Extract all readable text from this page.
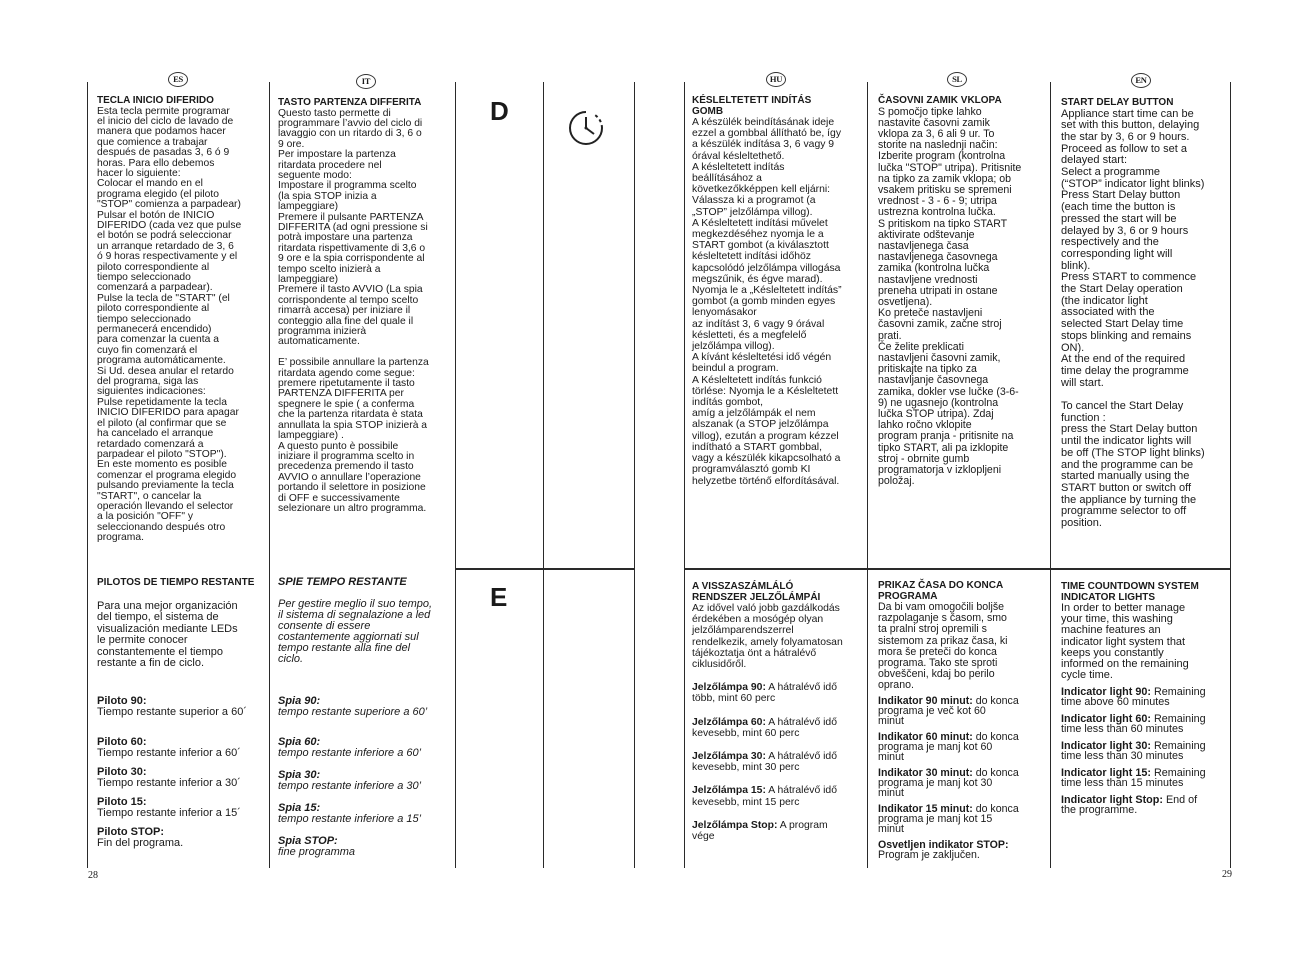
ES	IT
TECLA INICIO DIFERIDO
Esta tecla permite programar
el inicio del ciclo de lavado de
manera que podamos hacer
que comience a trabajar
después de pasadas 3, 6 ó 9
horas. Para ello debemos
hacer lo siguiente:
Colocar el mando en el
programa elegido (el piloto
"STOP" comienza a parpadear)
Pulsar el botón de INICIO
DIFERIDO (cada vez que pulse
el botón se podrá seleccionar
un arranque retardado de 3, 6
ó 9 horas respectivamente y el
piloto correspondiente al
tiempo seleccionado
comenzará a parpadear).
Pulse la tecla de "START" (el
piloto correspondiente al
tiempo seleccionado
permanecerá encendido)
para comenzar la cuenta a
cuyo fin comenzará el
programa automáticamente.
Si Ud. desea anular el retardo
del programa, siga las
siguientes indicaciones:
Pulse repetidamente la tecla
INICIO DIFERIDO para apagar
el piloto (al confirmar que se
ha cancelado el arranque
retardado comenzará a
parpadear el piloto "STOP").
En este momento es posible
comenzar el programa elegido
pulsando previamente la tecla
"START", o cancelar la
operación llevando el selector
a la posición "OFF" y
seleccionando después otro
programa.
TASTO PARTENZA DIFFERITA
Questo tasto permette di
programmare l’avvio del ciclo di
lavaggio con un ritardo di 3, 6 o
9 ore.
Per impostare la partenza
ritardata procedere nel
seguente modo:
Impostare il programma scelto
(la spia STOP inizia a
lampeggiare)
Premere il pulsante PARTENZA
DIFFERITA (ad ogni pressione si
potrà impostare una partenza
ritardata rispettivamente di 3,6 o
9 ore e la spia corrispondente al
tempo scelto inizierà a
lampeggiare)
Premere il tasto AVVIO (La spia
corrispondente al tempo scelto
rimarrà accesa) per iniziare il
conteggio alla fine del quale il
programma inizierà
automaticamente.

E’ possibile annullare la partenza
ritardata agendo come segue:
premere ripetutamente il tasto
PARTENZA DIFFERITA per
spegnere le spie ( a conferma
che la partenza ritardata è stata
annullata la spia STOP inizierà a
lampeggiare) .
A questo punto è possibile
iniziare il programma scelto in
precedenza premendo il tasto
AVVIO o annullare l’operazione
portando il selettore in posizione
di OFF e successivamente
selezionare un altro programma.
D
PILOTOS DE TIEMPO RESTANTE
Para una mejor organización
del tiempo, el sistema de
visualización mediante LEDs
le permite conocer
constantemente el tiempo
restante a fin de ciclo.
Piloto 90:
Tiempo restante superior a 60´
Piloto 60:
Tiempo restante inferior a 60´
Piloto 30:
Tiempo restante inferior a 30´
Piloto 15:
Tiempo restante inferior a 15´
Piloto STOP:
Fin del programa.
SPIE TEMPO RESTANTE
Per gestire meglio il suo tempo,
il sistema di segnalazione a led
consente di essere
costantemente aggiornati sul
tempo restante alla fine del
ciclo.
Spia 90:
tempo restante superiore a 60’
Spia 60:
tempo restante inferiore a 60’
Spia 30:
tempo restante inferiore a 30’
Spia 15:
tempo restante inferiore a 15’
Spia STOP:
fine programma
E
28
HU	SL	EN
KÉSLELTETETT INDÍTÁS
GOMB
A készülék beindításának ideje
ezzel a gombbal állítható be, így
a készülék indítása 3, 6 vagy 9
órával késleltethető.
A késleltetett indítás
beállításához a
következőkképpen kell eljárni:
Válassza ki a programot (a
„STOP” jelzőlámpa villog).
A Késleltetett indítási művelet
megkezdéséhez nyomja le a
START gombot (a kiválasztott
késleltetett indítási időhöz
kapcsolódó jelzőlámpa villogása
megszűnik, és égve marad).
Nyomja le a „Késleltetett indítás”
gombot (a gomb minden egyes
lenyomásakor
az indítást 3, 6 vagy 9 órával
késletteti, és a megfelelő
jelzőlámpa villog).
A kívánt késleltetési idő végén
beindul a program.
A Késleltetett indítás funkció
törlése: Nyomja le a Késleltetett
indítás gombot,
amíg a jelzőlámpák el nem
alszanak (a STOP jelzőlámpa
villog), ezután a program kézzel
indítható a START gombbal,
vagy a készülék kikapcsolható a
programválasztó gomb KI
helyzetbe történő elfordításával.
ČASOVNI ZAMIK VKLOPA
S pomočjo tipke lahko
nastavite časovni zamik
vklopa za 3, 6 ali 9 ur. To
storite na naslednji način:
Izberite program (kontrolna
lučka "STOP" utripa). Pritisnite
na tipko za zamik vklopa; ob
vsakem pritisku se spremeni
vrednost - 3 - 6 - 9; utripa
ustrezna kontrolna lučka.
S pritiskom na tipko START
aktivirate odštevanje
nastavljenega časa
nastavljenega časovnega
zamika (kontrolna lučka
nastavljene vrednosti
preneha utripati in ostane
osvetljena).
Ko preteče nastavljeni
časovni zamik, začne stroj
prati.
Če želite preklicati
nastavljeni časovni zamik,
pritiskajte na tipko za
nastavljanje časovnega
zamika, dokler vse lučke (3-6-
9) ne ugasnejo (kontrolna
lučka STOP utripa). Zdaj
lahko ročno vklopite
program pranja - pritisnite na
tipko START, ali pa izklopite
stroj - obrnite gumb
programatorja v izklopljeni
položaj.
START DELAY BUTTON
Appliance start time can be
set with this button, delaying
the star by 3, 6 or 9 hours.
Proceed as follow to set a
delayed start:
Select a programme
(“STOP” indicator light blinks)
Press Start Delay button
(each time the button is
pressed the start will be
delayed by 3, 6 or 9 hours
respectively and the
corresponding light will
blink).
Press START to commence
the Start Delay operation
(the indicator light
associated with the
selected Start Delay time
stops blinking and remains
ON).
At the end of the required
time delay the programme
will start.

To cancel the Start Delay
function :
press the Start Delay button
until the indicator lights will
be off (The STOP light blinks)
and the programme can be
started manually using the
START button or switch off
the appliance by turning the
programme selector to off
position.
A VISSZASZÁMLÁLÓ
RENDSZER JELZŐLÁMPÁI
Az idővel való jobb gazdálkodás
érdekében a mosógép olyan
jelzőlámparendszerrel
rendelkezik, amely folyamatosan
tájékoztatja önt a hátralévő
ciklusidőről.
Jelzőlámpa 90: A hátralévő idő
több, mint 60 perc
Jelzőlámpa 60: A hátralévő idő
kevesebb, mint 60 perc
Jelzőlámpa 30: A hátralévő idő
kevesebb, mint 30 perc
Jelzőlámpa 15: A hátralévő idő
kevesebb, mint 15 perc
Jelzőlámpa Stop: A program
vége
PRIKAZ ČASA DO KONCA
PROGRAMA
Da bi vam omogočili boljše
razpolaganje s časom, smo
ta pralni stroj opremili s
sistemom za prikaz časa, ki
mora še preteči do konca
programa. Tako ste sproti
obveščeni, kdaj bo perilo
oprano.
Indikator 90 minut: do konca
programa je več kot 60
minut
Indikator 60 minut: do konca
programa je manj kot 60
minut
Indikator 30 minut: do konca
programa je manj kot 30
minut
Indikator 15 minut: do konca
programa je manj kot 15
minut
Osvetljen indikator STOP:
Program je zaključen.
TIME COUNTDOWN SYSTEM
INDICATOR LIGHTS
In order to better manage
your time, this washing
machine features an
indicator light system that
keeps you constantly
informed on the remaining
cycle time.
Indicator light 90: Remaining
time above 60 minutes
Indicator light 60: Remaining
time less than 60 minutes
Indicator light 30: Remaining
time less than 30 minutes
Indicator light 15: Remaining
time less than 15 minutes
Indicator light Stop: End of
the programme.
29
